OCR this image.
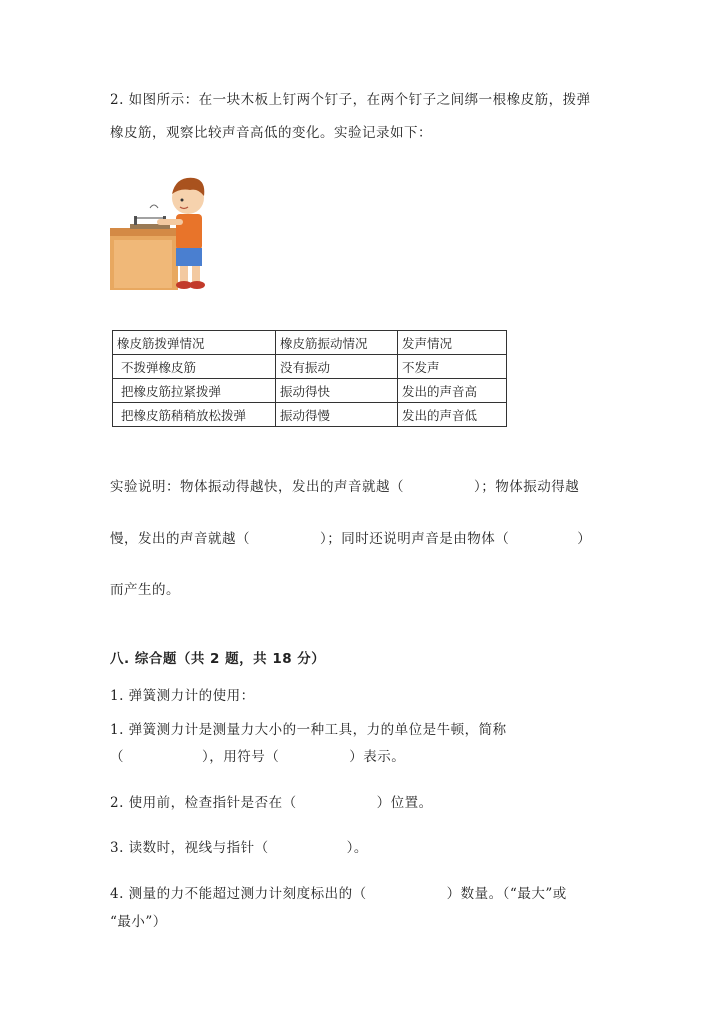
2. 如图所示：在一块木板上钉两个钉子，在两个钉子之间绑一根橡皮筋，拨弹
橡皮筋，观察比较声音高低的变化。实验记录如下：
橡皮筋拨弹情况	橡皮筋振动情况	发声情况
不拨弹橡皮筋	没有振动	不发声
把橡皮筋拉紧拨弹	振动得快	发出的声音高
把橡皮筋稍稍放松拨弹	振动得慢	发出的声音低
实验说明：物体振动得越快，发出的声音就越（	）；物体振动得越
慢，发出的声音就越（	）；同时还说明声音是由物体（	）
而产生的。
八. 综合题（共 2 题，共 18 分）
1. 弹簧测力计的使用：
1. 弹簧测力计是测量力大小的一种工具，力的单位是牛顿，简称
（	），用符号（	）表示。
2. 使用前，检查指针是否在（	）位置。
3. 读数时，视线与指针（	）。
4. 测量的力不能超过测力计刻度标出的（	）数量。（“最大”或
“最小”）
